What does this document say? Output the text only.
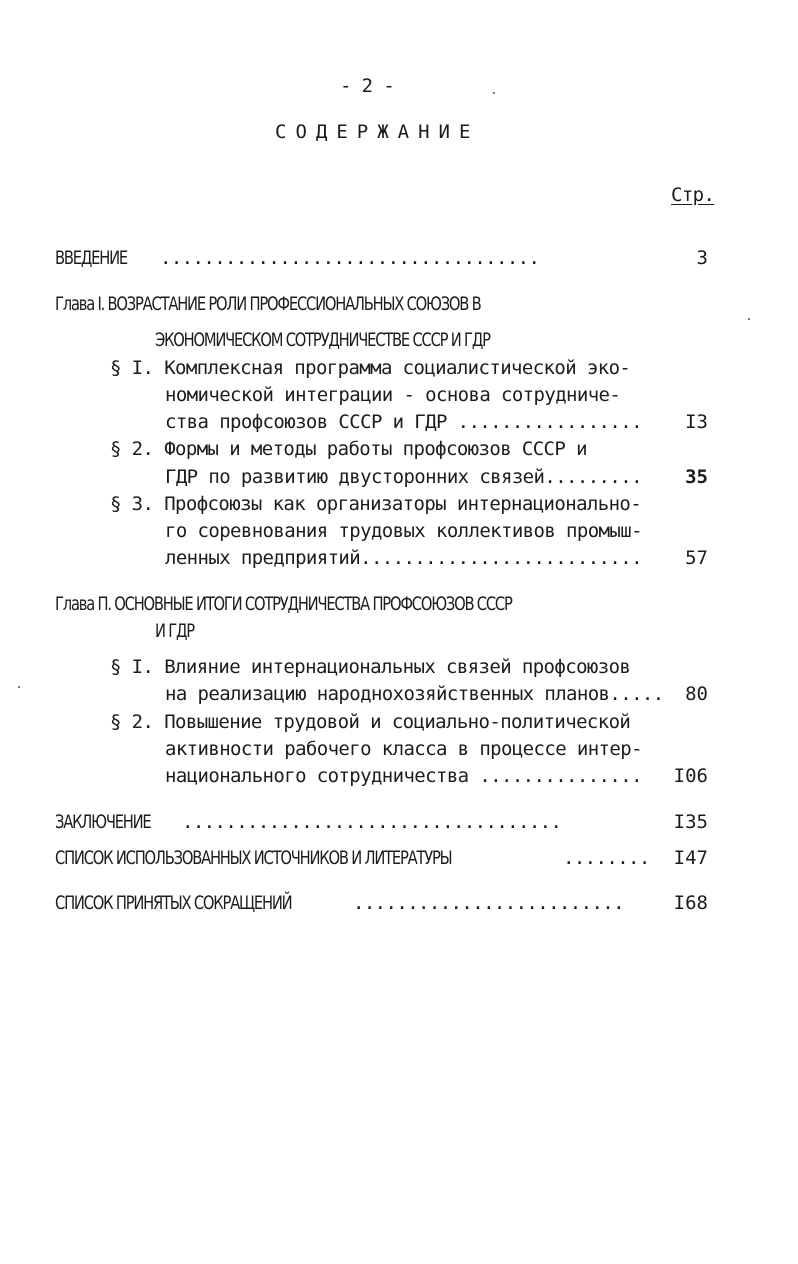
- 2 -
СОДЕРЖАНИЕ
Стр.
ВВЕДЕНИЕ ...................................	3
Глава I. ВОЗРАСТАНИЕ РОЛИ ПРОФЕССИОНАЛЬНЫХ СОЮЗОВ В
ЭКОНОМИЧЕСКОМ СОТРУДНИЧЕСТВЕ СССР И ГДР
§ I. Комплексная программа социалистической эко-
номической интеграции - основа сотрудниче-
ства профсоюзов СССР и ГДР .................	I3
§ 2. Формы и методы работы профсоюзов СССР и
ГДР по развитию двусторонних связей.........	35
§ 3. Профсоюзы как организаторы интернационально-
го соревнования трудовых коллективов промыш-
ленных предприятий..........................	57
Глава П. ОСНОВНЫЕ ИТОГИ СОТРУДНИЧЕСТВА ПРОФСОЮЗОВ СССР
И ГДР
§ I. Влияние интернациональных связей профсоюзов
на реализацию народнохозяйственных планов.....	80
§ 2. Повышение трудовой и социально-политической
активности рабочего класса в процессе интер-
национального сотрудничества ...............	I06
ЗАКЛЮЧЕНИЕ ...................................	I35
СПИСОК ИСПОЛЬЗОВАННЫХ ИСТОЧНИКОВ И ЛИТЕРАТУРЫ	........	I47
СПИСОК ПРИНЯТЫХ СОКРАЩЕНИЙ	.........................	I68
